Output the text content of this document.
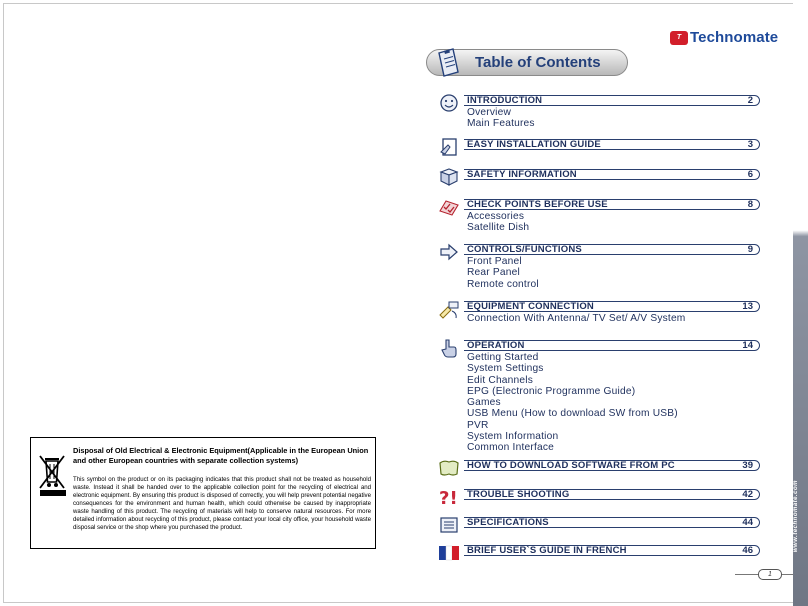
Disposal of Old Electrical & Electronic Equipment(Applicable in the European Union and other European countries with separate collection systems)
This symbol on the product or on its packaging indicates that this product shall not be treated as household waste. Instead it shall be handed over to the applicable collection point for the recycling of electrical and electronic equipment. By ensuring this product is disposed of correctly, you will help prevent potential negative consequences for the environment and human health, which could otherwise be caused by inappropriate waste handling of this product. The recycling of materials will help to conserve natural resources. For more detailed information about recycling of this product, please contact your local city office, your household waste disposal service or the shop where you purchased the product.
T Technomate
Table of Contents
INTRODUCTION	2
Overview
Main Features
EASY INSTALLATION GUIDE	3
SAFETY INFORMATION	6
CHECK POINTS BEFORE USE	8
Accessories
Satellite Dish
CONTROLS/FUNCTIONS	9
Front Panel
Rear Panel
Remote control
EQUIPMENT CONNECTION	13
Connection With Antenna/ TV Set/ A/V System
OPERATION	14
Getting Started
System Settings
Edit Channels
EPG (Electronic Programme Guide)
Games
USB Menu (How to download SW from USB)
PVR
System Information
Common Interface
HOW TO DOWNLOAD SOFTWARE FROM PC	39
?! TROUBLE SHOOTING	42
SPECIFICATIONS	44
BRIEF USER`S GUIDE IN FRENCH	46	www.technomate.com
1
